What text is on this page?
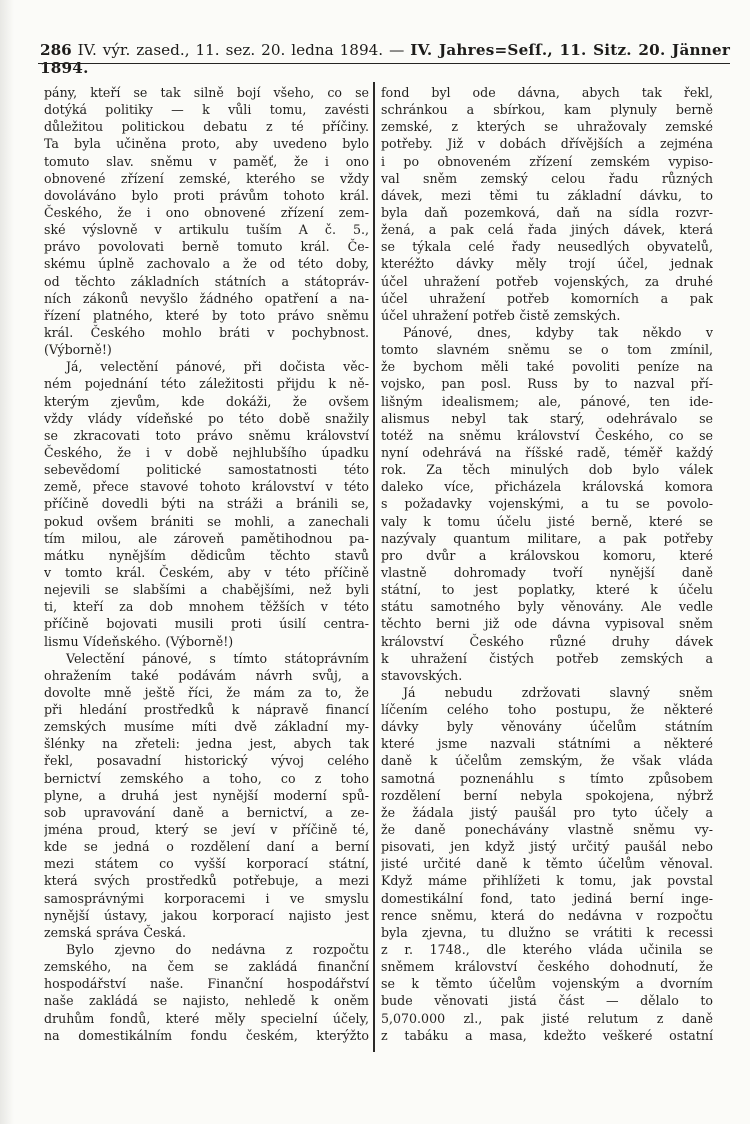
286 IV. výr. zased., 11. sez. 20. ledna 1894. — IV. Jahres=Seſſ., 11. Sitz. 20. Jänner 1894.
pány, kteří se tak silně bojí všeho, co se
dotýká politiky — k vůli tomu, zavésti
důležitou politickou debatu z té příčiny.
Ta byla učiněna proto, aby uvedeno bylo
tomuto slav. sněmu v paměť, že i ono
obnovené zřízení zemské, kterého se vždy
dovoláváno bylo proti právům tohoto král.
Českého, že i ono obnovené zřízení zem-
ské výslovně v artikulu tuším A č. 5.,
právo povolovati berně tomuto král. Če-
skému úplně zachovalo a že od této doby,
od těchto základních státních a státopráv-
ních zákonů nevyšlo žádného opatření a na-
řízení platného, které by toto právo sněmu
král. Českého mohlo bráti v pochybnost.
(Výborně!)
Já, velectění pánové, při dočista věc-
ném pojednání této záležitosti přijdu k ně-
kterým zjevům, kde dokáži, že ovšem
vždy vlády vídeňské po této době snažily
se zkracovati toto právo sněmu království
Českého, že i v době nejhlubšího úpadku
sebevědomí politické samostatnosti této
země, přece stavové tohoto království v této
příčině dovedli býti na stráži a bránili se,
pokud ovšem brániti se mohli, a zanechali
tím milou, ale zároveň pamětihodnou pa-
mátku nynějším dědicům těchto stavů
v tomto král. Českém, aby v této příčině
nejevili se slabšími a chabějšími, než byli
ti, kteří za dob mnohem těžších v této
příčině bojovati musili proti úsilí centra-
lismu Vídeňského. (Výborně!)
Velectění pánové, s tímto státoprávním
ohražením také podávám návrh svůj, a
dovolte mně ještě říci, že mám za to, že
při hledání prostředků k nápravě financí
zemských musíme míti dvě základní my-
šlénky na zřeteli: jedna jest, abych tak
řekl, posavadní historický vývoj celého
bernictví zemského a toho, co z toho
plyne, a druhá jest nynější moderní spů-
sob upravování daně a bernictví, a ze-
jména proud, který se jeví v příčině té,
kde se jedná o rozdělení daní a berní
mezi státem co vyšší korporací státní,
která svých prostředků potřebuje, a mezi
samosprávnými korporacemi i ve smyslu
nynější ústavy, jakou korporací najisto jest
zemská správa Česká.
Bylo zjevno do nedávna z rozpočtu
zemského, na čem se zakládá finanční
hospodářství naše. Finanční hospodářství
naše zakládá se najisto, nehledě k oněm
druhům fondů, které měly specielní účely,
na domestikálním fondu českém, kterýžto
fond byl ode dávna, abych tak řekl,
schránkou a sbírkou, kam plynuly berně
zemské, z kterých se uhražovaly zemské
potřeby. Již v dobách dřívějších a zejména
i po obnoveném zřízení zemském vypiso-
val sněm zemský celou řadu různých
dávek, mezi těmi tu základní dávku, to
byla daň pozemková, daň na sídla rozvr-
žená, a pak celá řada jiných dávek, která
se týkala celé řady neusedlých obyvatelů,
kteréžto dávky měly trojí účel, jednak
účel uhražení potřeb vojenských, za druhé
účel uhražení potřeb komorních a pak
účel uhražení potřeb čistě zemských.
Pánové, dnes, kdyby tak někdo v
tomto slavném sněmu se o tom zmínil,
že bychom měli také povoliti peníze na
vojsko, pan posl. Russ by to nazval pří-
lišným idealismem; ale, pánové, ten ide-
alismus nebyl tak starý, odehrávalo se
totéž na sněmu království Českého, co se
nyní odehrává na říšské radě, téměř každý
rok. Za těch minulých dob bylo válek
daleko více, přicházela královská komora
s požadavky vojenskými, a tu se povolo-
valy k tomu účelu jisté berně, které se
nazývaly quantum militare, a pak potřeby
pro dvůr a královskou komoru, které
vlastně dohromady tvoří nynější daně
státní, to jest poplatky, které k účelu
státu samotného byly věnovány. Ale vedle
těchto berni již ode dávna vypisoval sněm
království Českého různé druhy dávek
k uhražení čistých potřeb zemských a
stavovských.
Já nebudu zdržovati slavný sněm
líčením celého toho postupu, že některé
dávky byly věnovány účelům státním
které jsme nazvali státními a některé
daně k účelům zemským, že však vláda
samotná poznenáhlu s tímto způsobem
rozdělení berní nebyla spokojena, nýbrž
že žádala jistý paušál pro tyto účely a
že daně ponechávány vlastně sněmu vy-
pisovati, jen když jistý určitý paušál nebo
jisté určité daně k těmto účelům věnoval.
Když máme přihlížeti k tomu, jak povstal
domestikální fond, tato jediná berní inge-
rence sněmu, která do nedávna v rozpočtu
byla zjevna, tu dlužno se vrátiti k recessi
z r. 1748., dle kterého vláda učinila se
sněmem království českého dohodnutí, že
se k těmto účelům vojenským a dvorním
bude věnovati jistá část — dělalo to
5,070.000 zl., pak jisté relutum z daně
z tabáku a masa, kdežto veškeré ostatní
